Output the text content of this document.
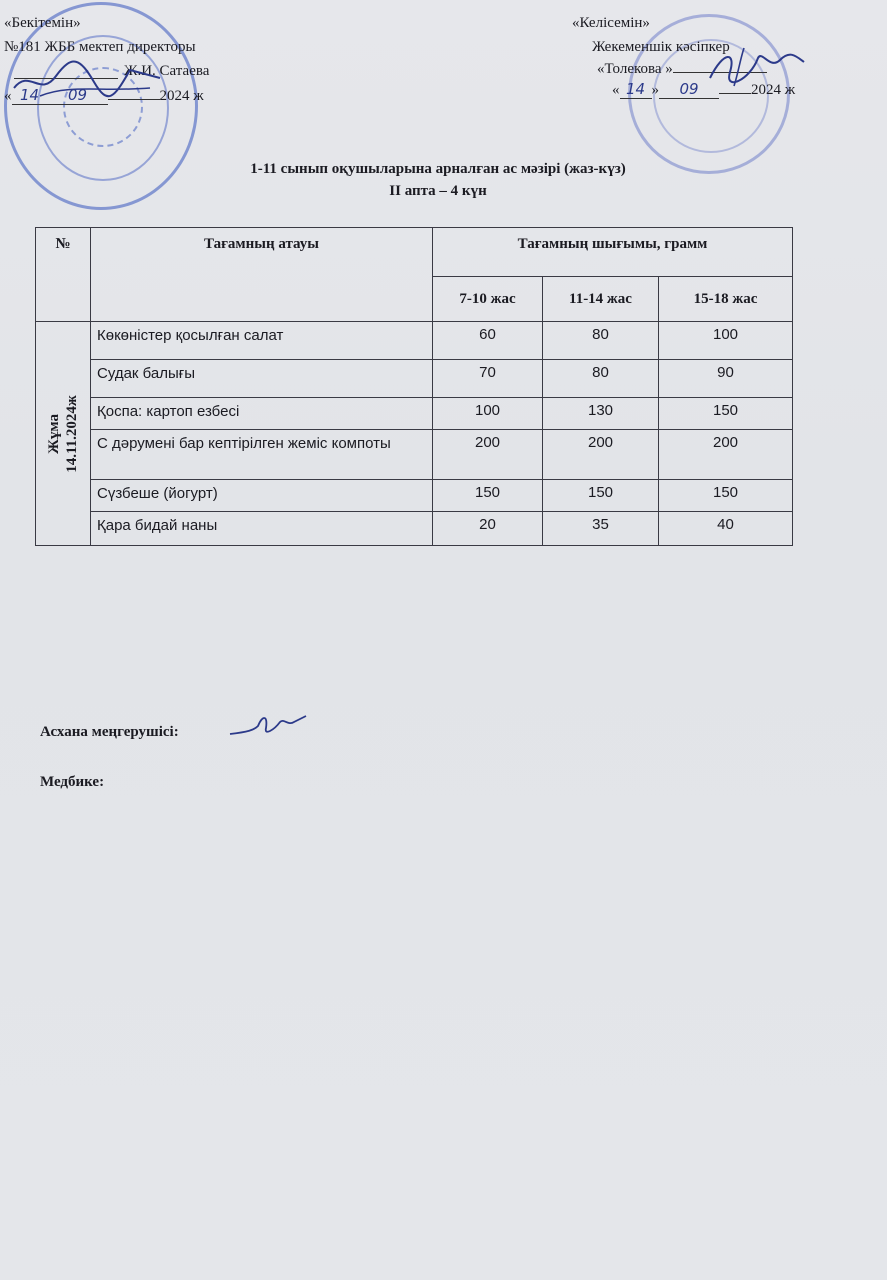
«Бекітемін»
№181 ЖББ мектеп директоры
Ж.И. Сатаева
« 14 09	2024 ж
«Келісемін»
Жекеменшік кәсіпкер
«Толекова »
« 14 » 09	2024 ж
1-11 сынып оқушыларына арналған ас мәзірі (жаз-күз)
ІІ апта – 4 күн
№	Тағамның атауы	Тағамның шығымы, грамм		
		7-10 жас	11-14 жас	15-18 жас

Жұма 14.11.2024ж	Көкөністер қосылған салат	60	80	100
	Судак балығы	70	80	90
	Қоспа: картоп езбесі	100	130	150
	С дәрумені бар кептірілген жеміс компоты	200	200	200
	Сүзбеше (йогурт)	150	150	150
	Қара бидай наны	20	35	40
Асхана меңгерушісі:
Медбике:
